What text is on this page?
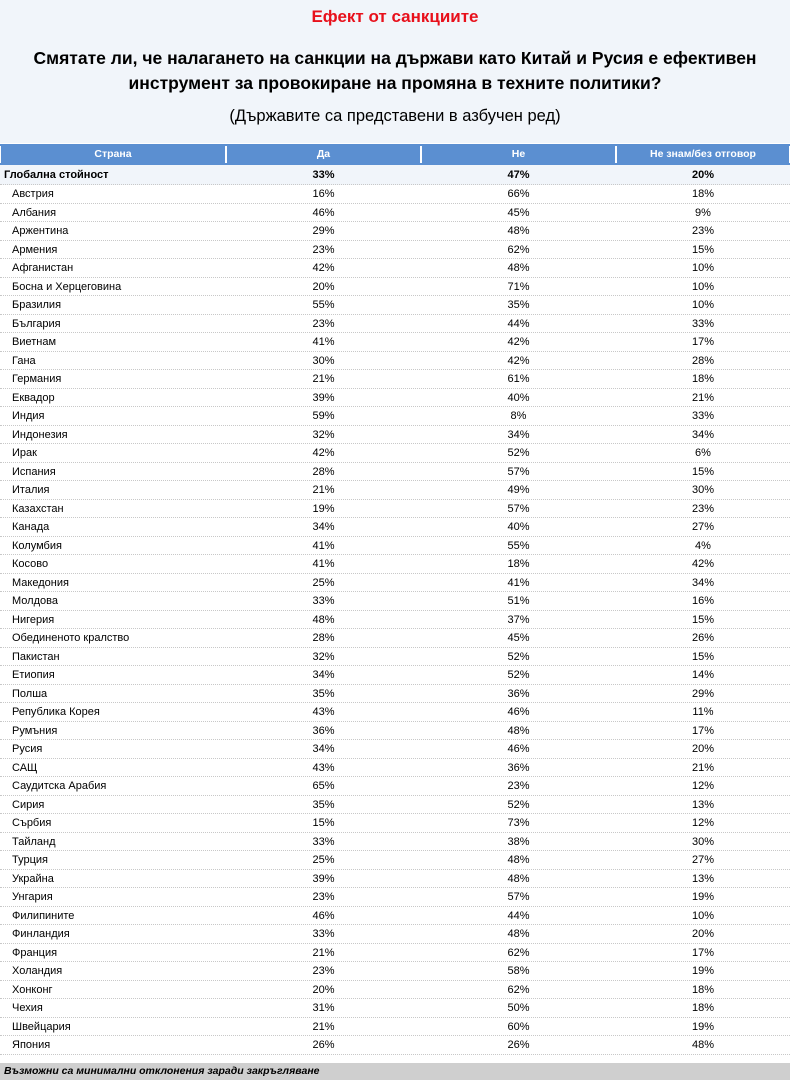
Ефект от санкциите
Смятате ли, че налагането на санкции на държави като Китай и Русия е ефективен инструмент за провокиране на промяна в техните политики?
(Държавите са представени в азбучен ред)
Страна	Да	Не	Не знам/без отговор
Глобална стойност	33%	47%	20%
Австрия	16%	66%	18%
Албания	46%	45%	9%
Аржентина	29%	48%	23%
Армения	23%	62%	15%
Афганистан	42%	48%	10%
Босна и Херцеговина	20%	71%	10%
Бразилия	55%	35%	10%
България	23%	44%	33%
Виетнам	41%	42%	17%
Гана	30%	42%	28%
Германия	21%	61%	18%
Еквадор	39%	40%	21%
Индия	59%	8%	33%
Индонезия	32%	34%	34%
Ирак	42%	52%	6%
Испания	28%	57%	15%
Италия	21%	49%	30%
Казахстан	19%	57%	23%
Канада	34%	40%	27%
Колумбия	41%	55%	4%
Косово	41%	18%	42%
Македония	25%	41%	34%
Молдова	33%	51%	16%
Нигерия	48%	37%	15%
Обединеното кралство	28%	45%	26%
Пакистан	32%	52%	15%
Етиопия	34%	52%	14%
Полша	35%	36%	29%
Република Корея	43%	46%	11%
Румъния	36%	48%	17%
Русия	34%	46%	20%
САЩ	43%	36%	21%
Саудитска Арабия	65%	23%	12%
Сирия	35%	52%	13%
Сърбия	15%	73%	12%
Тайланд	33%	38%	30%
Турция	25%	48%	27%
Украйна	39%	48%	13%
Унгария	23%	57%	19%
Филипините	46%	44%	10%
Финландия	33%	48%	20%
Франция	21%	62%	17%
Холандия	23%	58%	19%
Хонконг	20%	62%	18%
Чехия	31%	50%	18%
Швейцария	21%	60%	19%
Япония	26%	26%	48%
Възможни са минимални отклонения заради закръгляване
